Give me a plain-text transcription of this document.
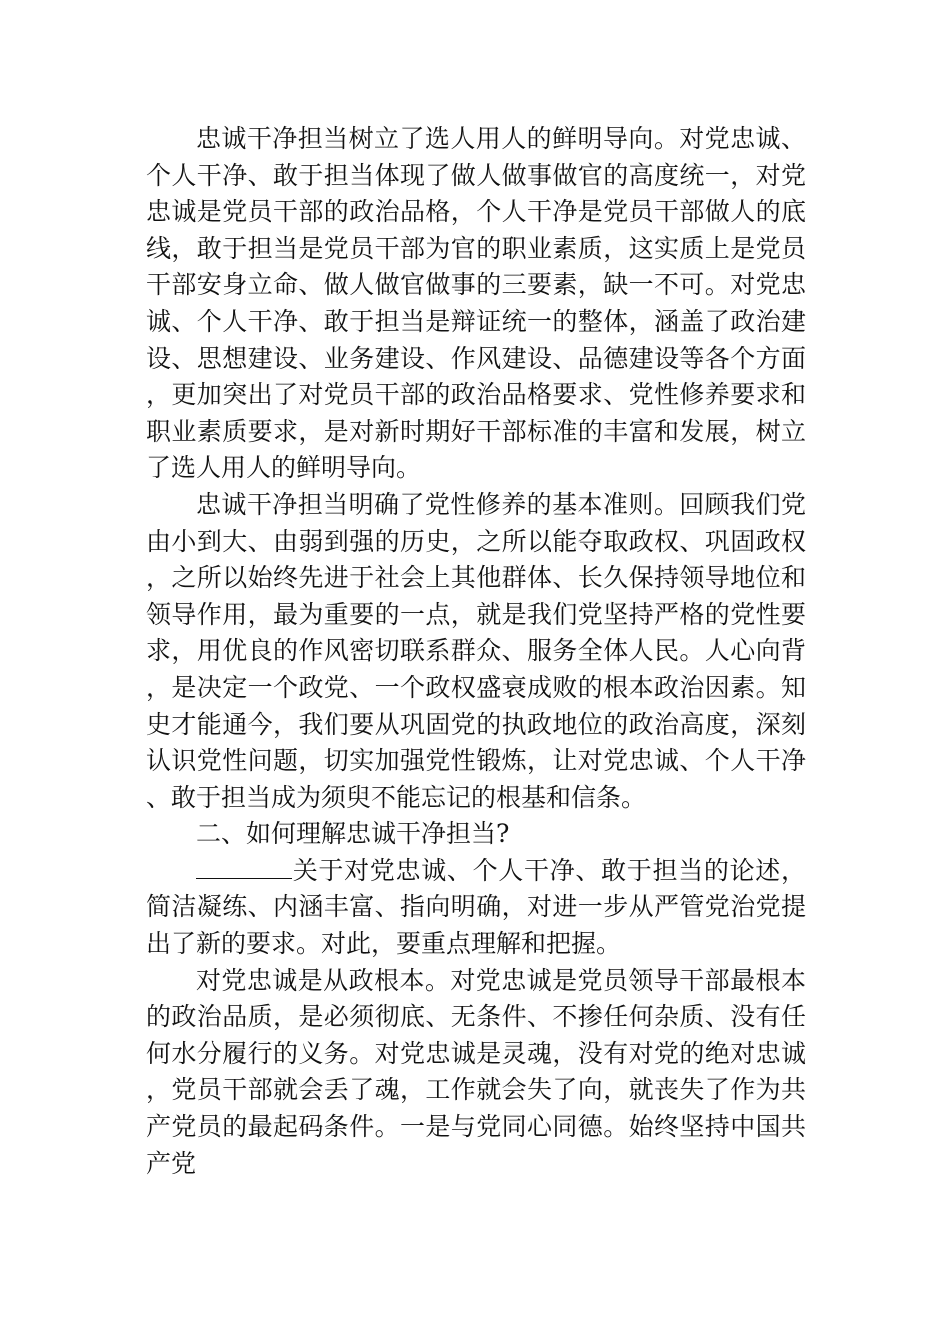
忠诚干净担当树立了选人用人的鲜明导向。对党忠诚、个人干净、敢于担当体现了做人做事做官的高度统一，对党忠诚是党员干部的政治品格，个人干净是党员干部做人的底线，敢于担当是党员干部为官的职业素质，这实质上是党员干部安身立命、做人做官做事的三要素，缺一不可。对党忠诚、个人干净、敢于担当是辩证统一的整体，涵盖了政治建设、思想建设、业务建设、作风建设、品德建设等各个方面，更加突出了对党员干部的政治品格要求、党性修养要求和职业素质要求，是对新时期好干部标准的丰富和发展，树立了选人用人的鲜明导向。

忠诚干净担当明确了党性修养的基本准则。回顾我们党由小到大、由弱到强的历史，之所以能夺取政权、巩固政权，之所以始终先进于社会上其他群体、长久保持领导地位和领导作用，最为重要的一点，就是我们党坚持严格的党性要求，用优良的作风密切联系群众、服务全体人民。人心向背，是决定一个政党、一个政权盛衰成败的根本政治因素。知史才能通今，我们要从巩固党的执政地位的政治高度，深刻认识党性问题，切实加强党性锻炼，让对党忠诚、个人干净、敢于担当成为须臾不能忘记的根基和信条。

二、如何理解忠诚干净担当?

关于对党忠诚、个人干净、敢于担当的论述，简洁凝练、内涵丰富、指向明确，对进一步从严管党治党提出了新的要求。对此，要重点理解和把握。

对党忠诚是从政根本。对党忠诚是党员领导干部最根本的政治品质，是必须彻底、无条件、不掺任何杂质、没有任何水分履行的义务。对党忠诚是灵魂，没有对党的绝对忠诚，党员干部就会丢了魂，工作就会失了向，就丧失了作为共产党员的最起码条件。一是与党同心同德。始终坚持中国共产党
